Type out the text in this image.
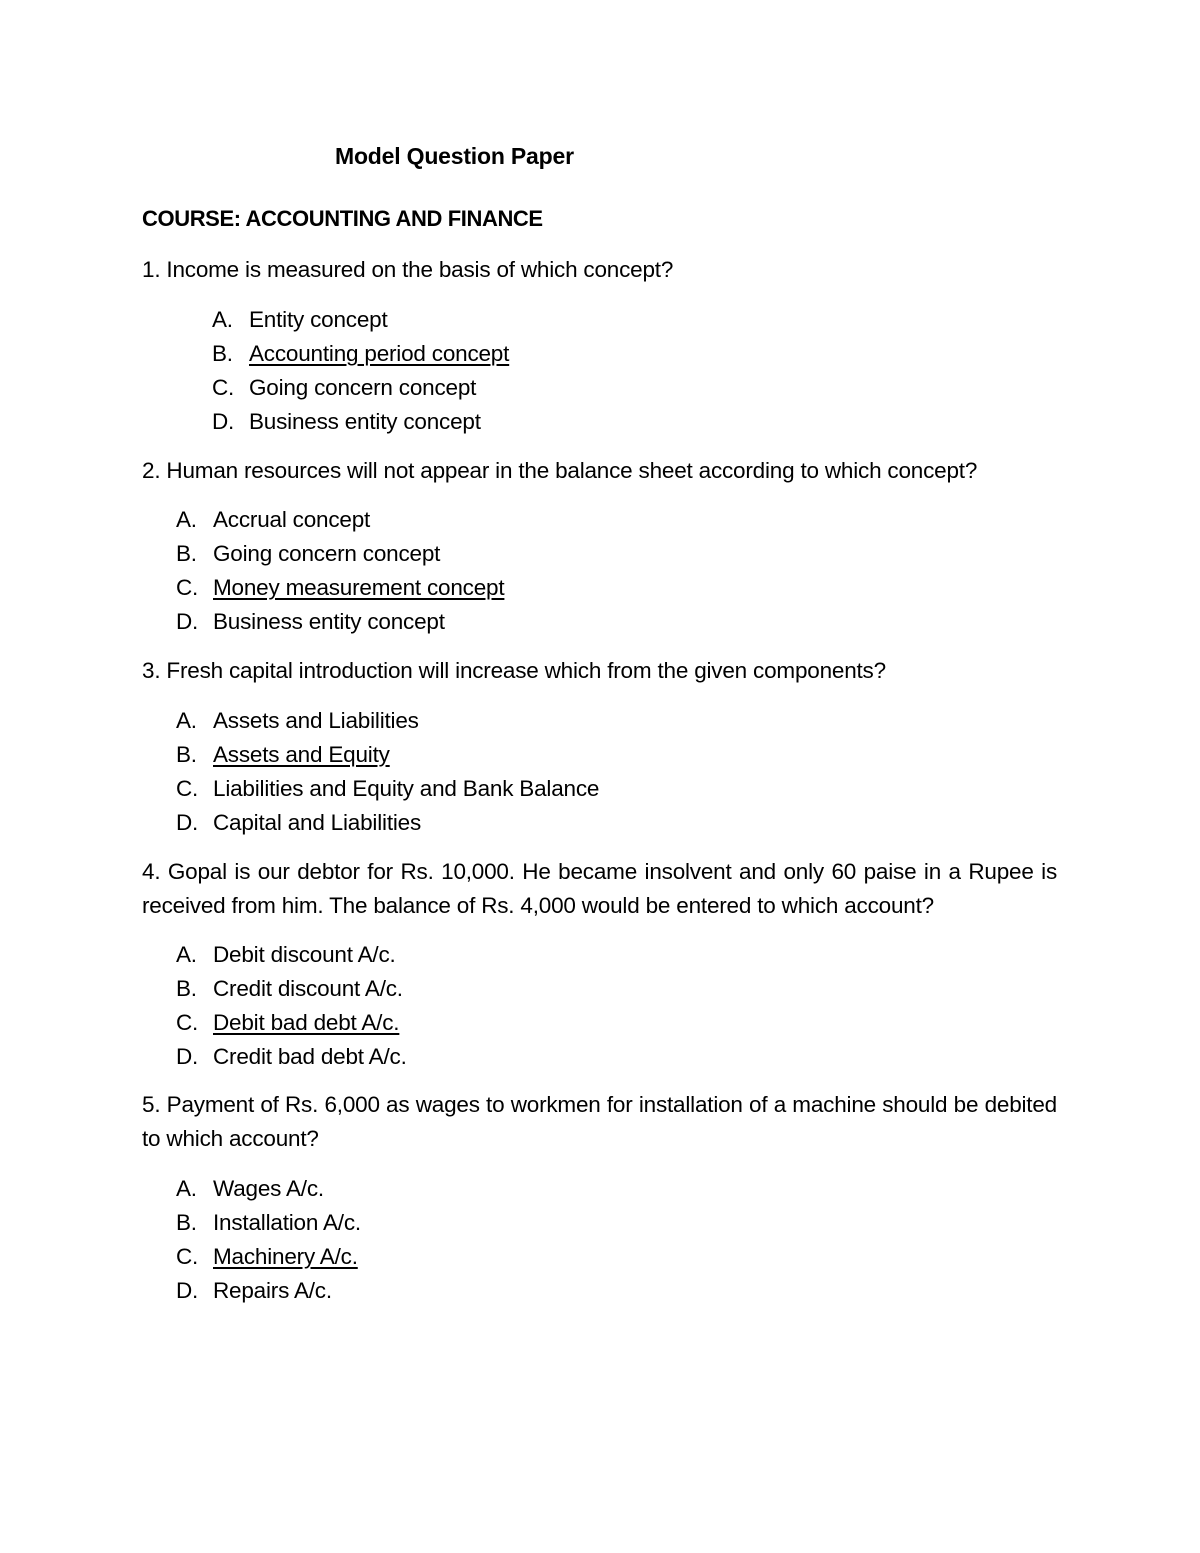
Model Question Paper
COURSE: ACCOUNTING AND FINANCE
1. Income is measured on the basis of which concept?
A. Entity concept
B. Accounting period concept
C. Going concern concept
D. Business entity concept
2. Human resources will not appear in the balance sheet according to which concept?
A. Accrual concept
B. Going concern concept
C. Money measurement concept
D. Business entity concept
3. Fresh capital introduction will increase which from the given components?
A. Assets and Liabilities
B. Assets and Equity
C. Liabilities and Equity and Bank Balance
D. Capital and Liabilities
4. Gopal is our debtor for Rs. 10,000. He became insolvent and only 60 paise in a Rupee is received from him. The balance of Rs. 4,000 would be entered to which account?
A. Debit discount A/c.
B. Credit discount A/c.
C. Debit bad debt A/c.
D. Credit bad debt A/c.
5. Payment of Rs. 6,000 as wages to workmen for installation of a machine should be debited to which account?
A. Wages A/c.
B. Installation A/c.
C. Machinery A/c.
D. Repairs A/c.
